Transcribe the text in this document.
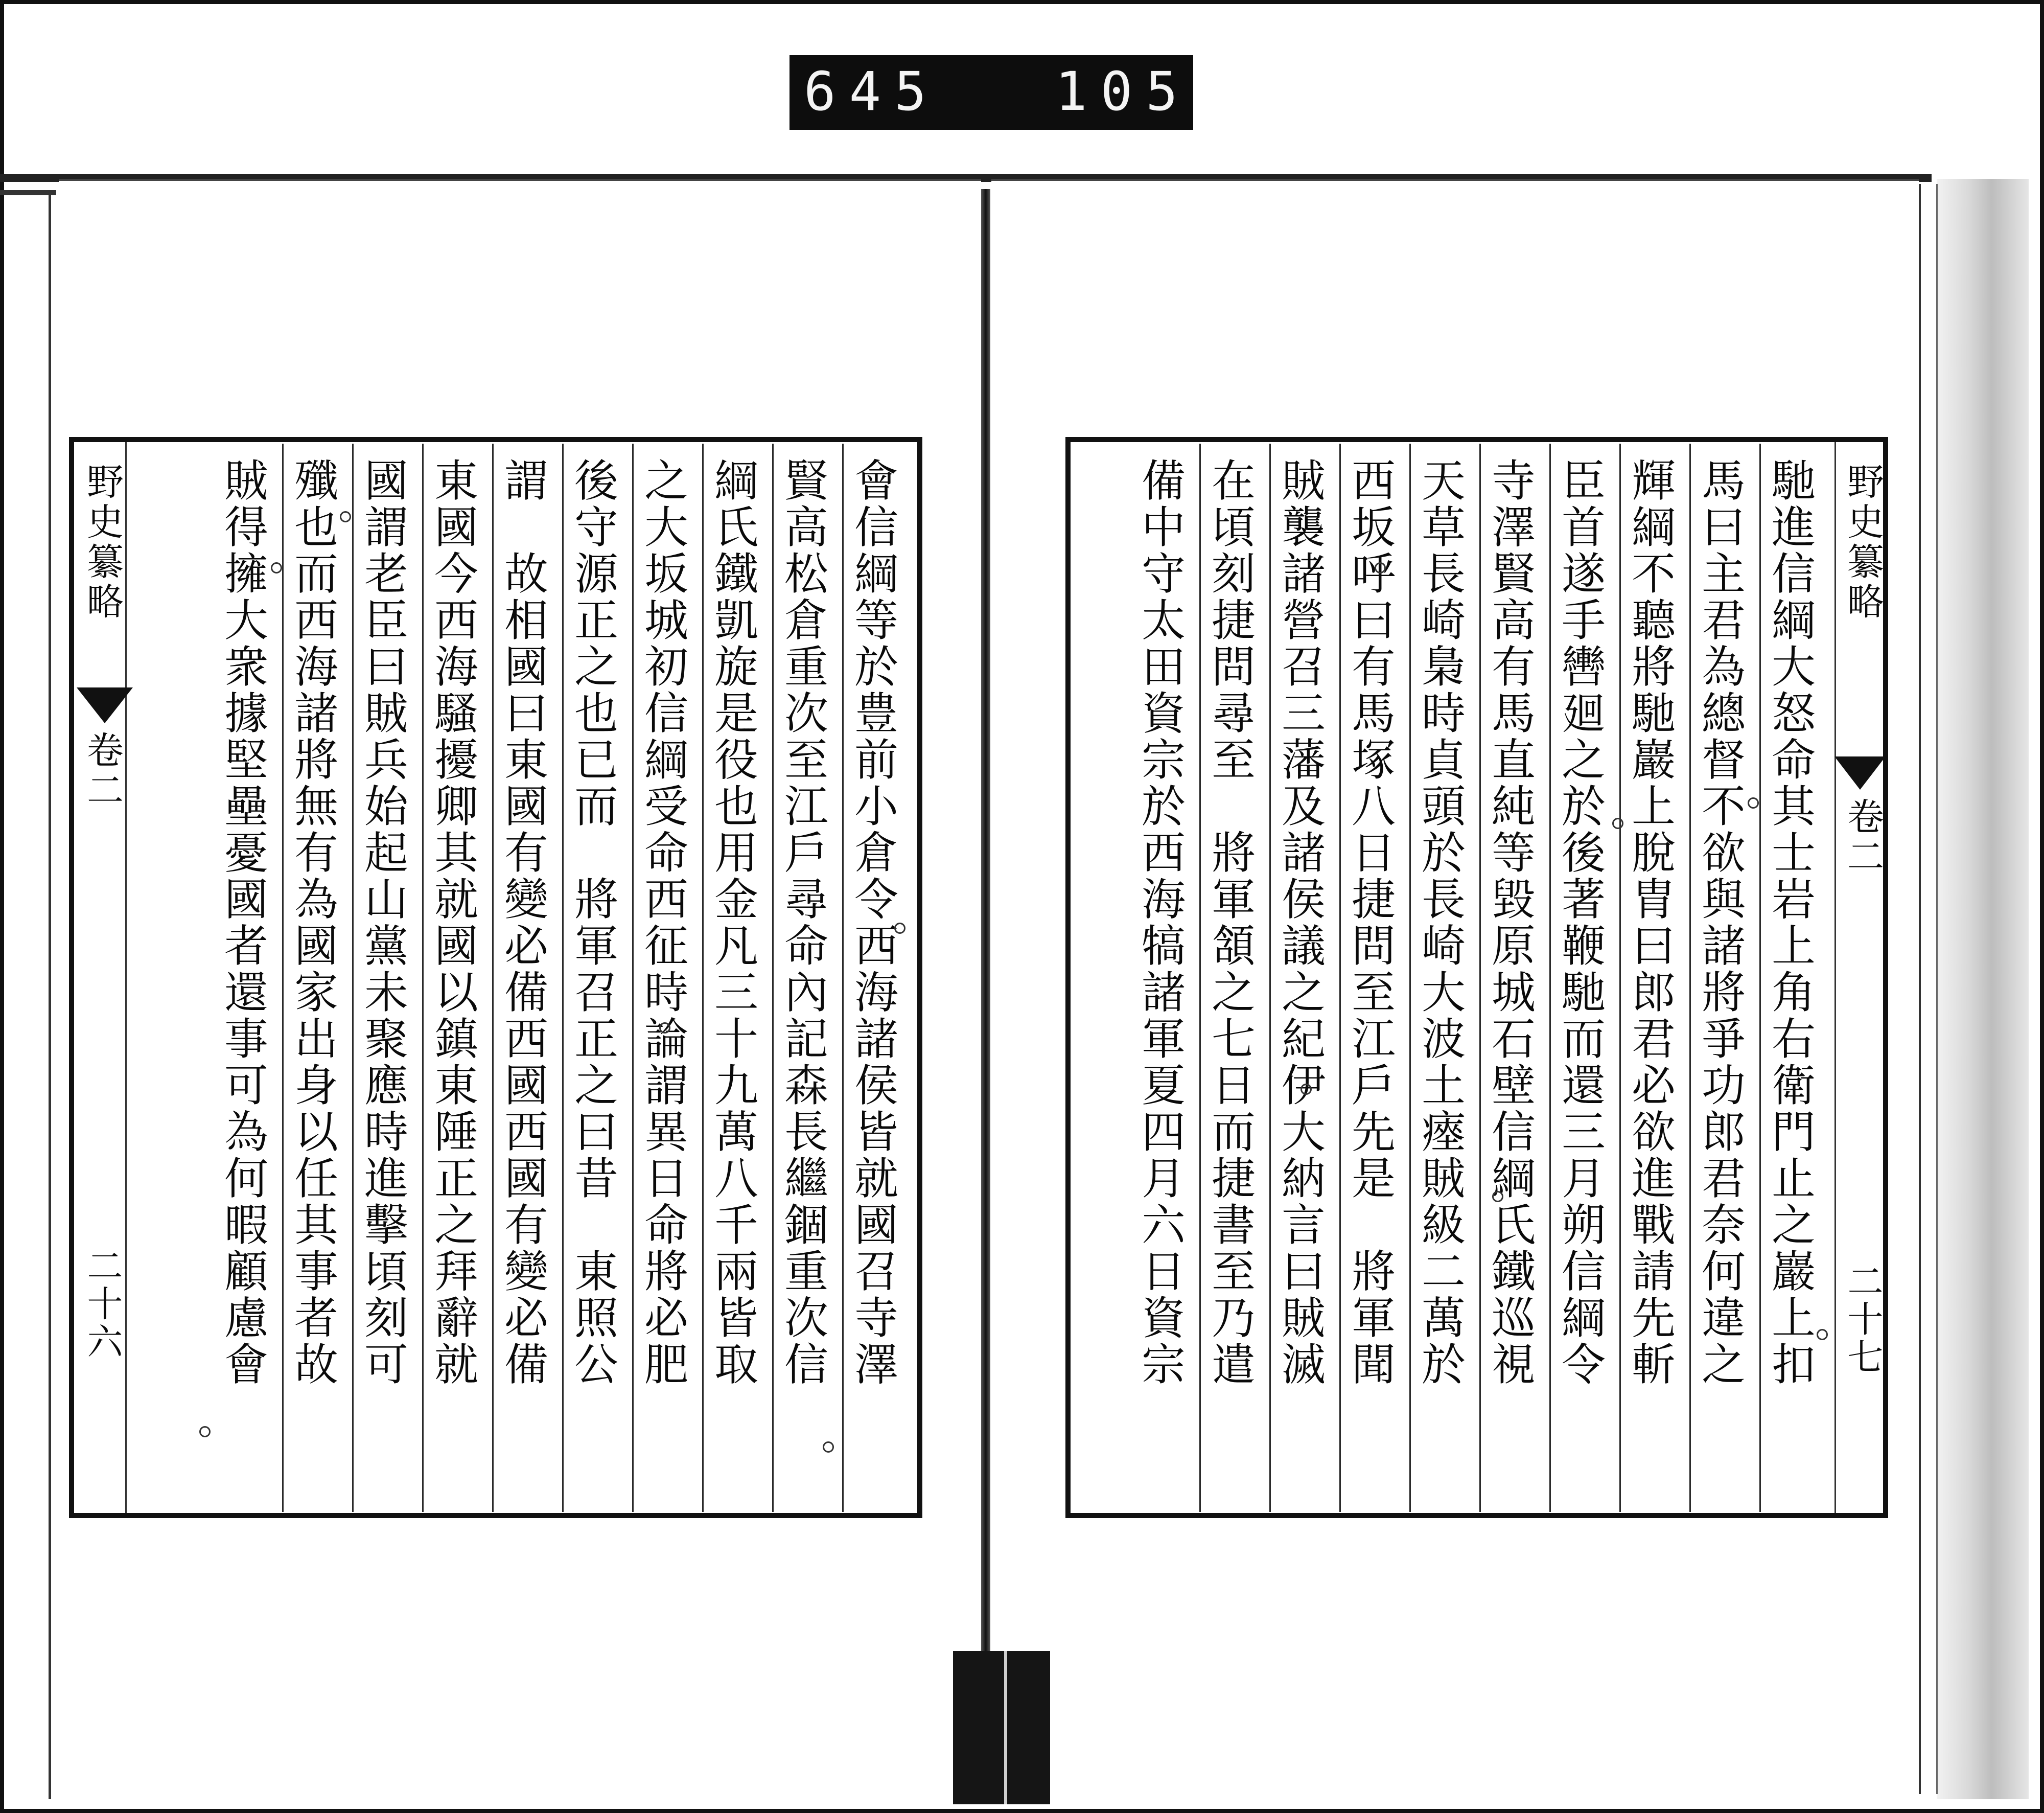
645 105
野史纂略
卷二
二十六
野史纂略
卷二
二十七
會信綱等於豊前小倉令西海諸侯皆就國召寺澤
賢高松倉重次至江戶尋命內記森長繼錮重次信
綱氏鐵凱旋是役也用金凡三十九萬八千兩皆取
之大坂城初信綱受命西征時論謂異日命將必肥
後守源正之也已而　將軍召正之曰昔　東照公
謂　故相國曰東國有變必備西國西國有變必備
東國今西海騷擾卿其就國以鎮東陲正之拜辭就
國謂老臣曰賊兵始起山黨未聚應時進擊頃刻可
殲也而西海諸將無有為國家出身以任其事者故
賊得擁大衆據堅壘憂國者還事可為何暇顧慮會	馳進信綱大怒命其士岩上角右衛門止之巖上扣
馬曰主君為總督不欲與諸將爭功郎君奈何違之
輝綱不聽將馳巖上脫胄曰郎君必欲進戰請先斬
臣首遂手轡廻之於後著鞭馳而還三月朔信綱令
寺澤賢高有馬直純等毀原城石壁信綱氏鐵巡視
天草長崎梟時貞頭於長崎大波土瘞賊級二萬於
西坂呼曰有馬塚八日捷問至江戶先是　將軍聞
賊襲諸營召三藩及諸侯議之紀伊大納言曰賊滅
在頃刻捷問尋至　將軍頷之七日而捷書至乃遣
備中守太田資宗於西海犒諸軍夏四月六日資宗
